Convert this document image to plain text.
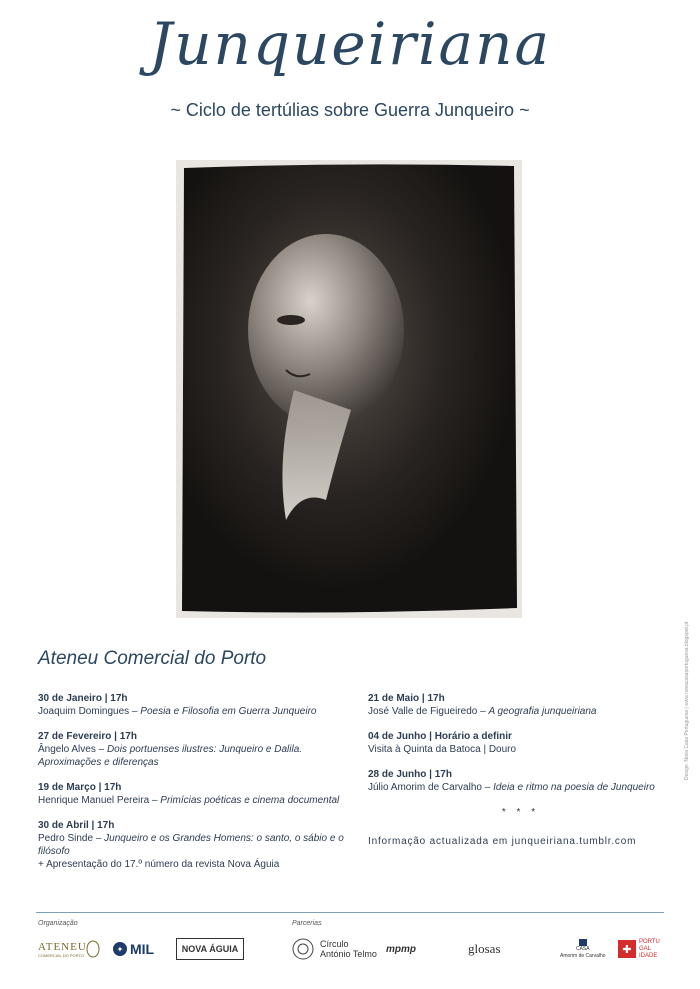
Junqueiriana
~ Ciclo de tertúlias sobre Guerra Junqueiro ~
Ateneu Comercial do Porto
30 de Janeiro | 17h
Joaquim Domingues – Poesia e Filosofia em Guerra Junqueiro
27 de Fevereiro | 17h
Ângelo Alves – Dois portuenses ilustres: Junqueiro e Dalila. Aproximações e diferenças
19 de Março | 17h
Henrique Manuel Pereira – Primícias poéticas e cinema documental
30 de Abril | 17h
Pedro Sinde – Junqueiro e os Grandes Homens: o santo, o sábio e o filósofo
+ Apresentação do 17.º número da revista Nova Águia
21 de Maio | 17h
José Valle de Figueiredo – A geografia junqueiriana
04 de Junho | Horário a definir
Visita à Quinta da Batoca | Douro
28 de Junho | 17h
Júlio Amorim de Carvalho – Ideia e ritmo na poesia de Junqueiro
* * *
Informação actualizada em junqueiriana.tumblr.com
Organização	Parcerias
ATENEU
COMERCIAL DO PORTO
✦ MIL	NOVA ÁGUIA	Círculo
António Telmo mpmp	glosas	CASA
Amorim de Carvalho ✚
PORTU GAL IDADE
Design: Nova Casa Portuguesa | www.novacasaportuguesa.blogspot.pt
